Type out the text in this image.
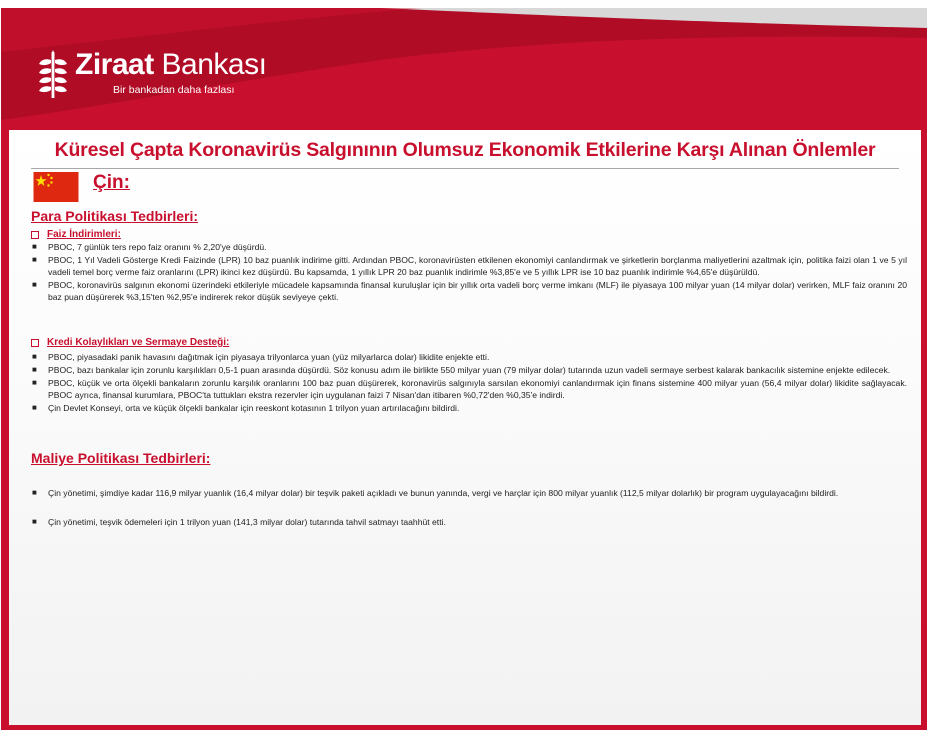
Ziraat Bankası
Bir bankadan daha fazlası
Küresel Çapta Koronavirüs Salgınının Olumsuz Ekonomik Etkilerine Karşı Alınan Önlemler
Çin:
Para Politikası Tedbirleri:
Faiz İndirimleri:
■ PBOC, 7 günlük ters repo faiz oranını % 2,20'ye düşürdü.
■ PBOC, 1 Yıl Vadeli Gösterge Kredi Faizinde (LPR) 10 baz puanlık indirime gitti. Ardından PBOC, koronavirüsten etkilenen ekonomiyi canlandırmak ve şirketlerin borçlanma maliyetlerini azaltmak için, politika faizi olan 1 ve 5 yıl vadeli temel borç verme faiz oranlarını (LPR) ikinci kez düşürdü. Bu kapsamda, 1 yıllık LPR 20 baz puanlık indirimle %3,85'e ve 5 yıllık LPR ise 10 baz puanlık indirimle %4,65'e düşürüldü.
■ PBOC, koronavirüs salgının ekonomi üzerindeki etkileriyle mücadele kapsamında finansal kuruluşlar için bir yıllık orta vadeli borç verme imkanı (MLF) ile piyasaya 100 milyar yuan (14 milyar dolar) verirken, MLF faiz oranını 20 baz puan düşürerek %3,15'ten %2,95'e indirerek rekor düşük seviyeye çekti.
Kredi Kolaylıkları ve Sermaye Desteği:
■ PBOC, piyasadaki panik havasını dağıtmak için piyasaya trilyonlarca yuan (yüz milyarlarca dolar) likidite enjekte etti.
■ PBOC, bazı bankalar için zorunlu karşılıkları 0,5-1 puan arasında düşürdü. Söz konusu adım ile birlikte 550 milyar yuan (79 milyar dolar) tutarında uzun vadeli sermaye serbest kalarak bankacılık sistemine enjekte edilecek.
■ PBOC, küçük ve orta ölçekli bankaların zorunlu karşılık oranlarını 100 baz puan düşürerek, koronavirüs salgınıyla sarsılan ekonomiyi canlandırmak için finans sistemine 400 milyar yuan (56,4 milyar dolar) likidite sağlayacak. PBOC ayrıca, finansal kurumlara, PBOC'ta tuttukları ekstra rezervler için uygulanan faizi 7 Nisan'dan itibaren %0,72'den %0,35'e indirdi.
■ Çin Devlet Konseyi, orta ve küçük ölçekli bankalar için reeskont kotasının 1 trilyon yuan artırılacağını bildirdi.
Maliye Politikası Tedbirleri:
■ Çin yönetimi, şimdiye kadar 116,9 milyar yuanlık (16,4 milyar dolar) bir teşvik paketi açıkladı ve bunun yanında, vergi ve harçlar için 800 milyar yuanlık (112,5 milyar dolarlık) bir program uygulayacağını bildirdi.
■ Çin yönetimi, teşvik ödemeleri için 1 trilyon yuan (141,3 milyar dolar) tutarında tahvil satmayı taahhüt etti.
